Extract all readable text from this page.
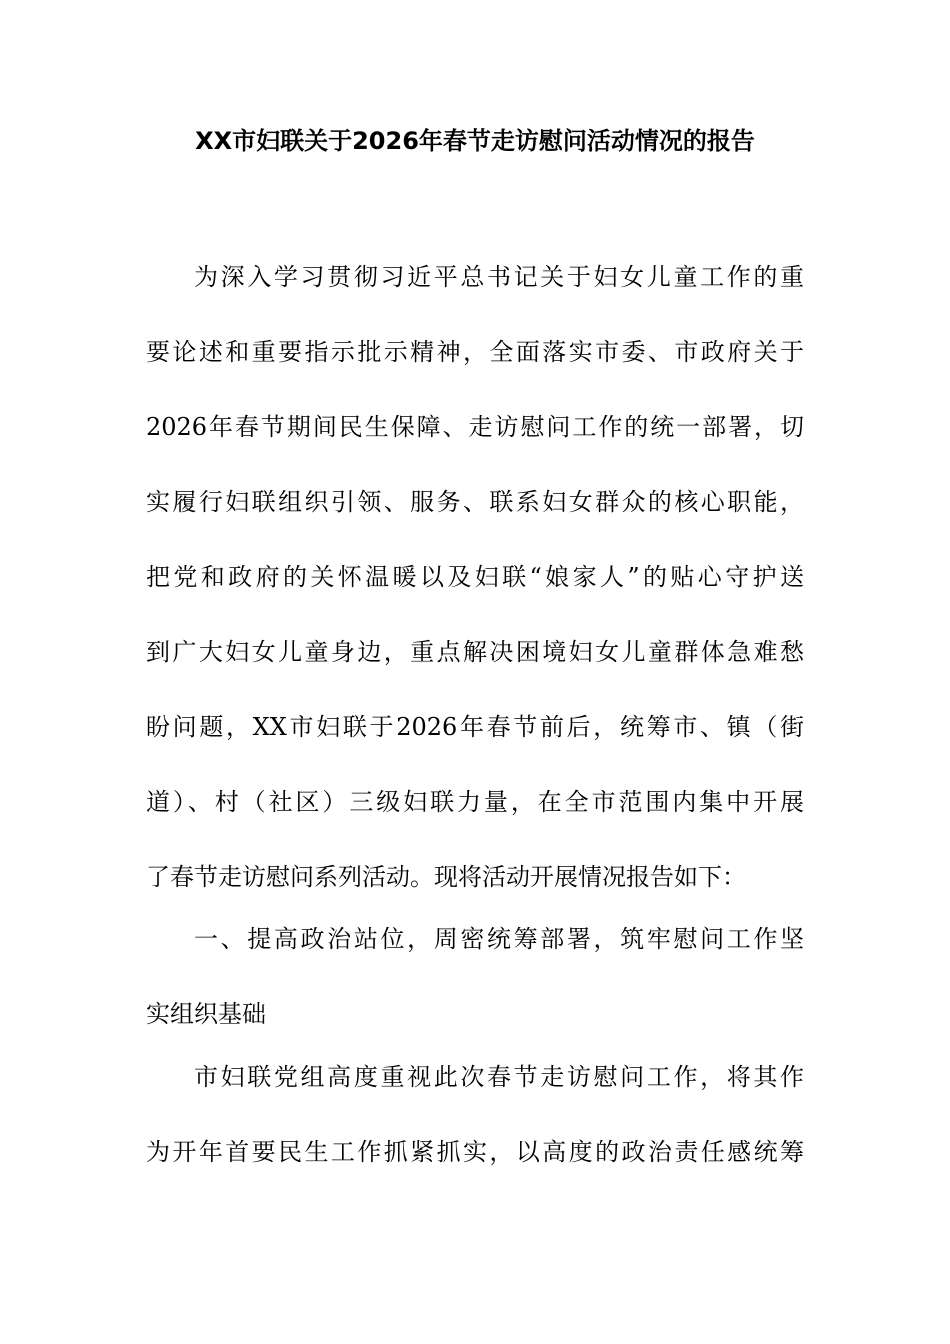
XX市妇联关于2026年春节走访慰问活动情况的报告

为深入学习贯彻习近平总书记关于妇女儿童工作的重

要论述和重要指示批示精神，全面落实市委、市政府关于

2026年春节期间民生保障、走访慰问工作的统一部署，切

实履行妇联组织引领、服务、联系妇女群众的核心职能，

把党和政府的关怀温暖以及妇联“娘家人”的贴心守护送

到广大妇女儿童身边，重点解决困境妇女儿童群体急难愁

盼问题，XX市妇联于2026年春节前后，统筹市、镇（街

道）、村（社区）三级妇联力量，在全市范围内集中开展

了春节走访慰问系列活动。现将活动开展情况报告如下：

一、提高政治站位，周密统筹部署，筑牢慰问工作坚

实组织基础

市妇联党组高度重视此次春节走访慰问工作，将其作

为开年首要民生工作抓紧抓实，以高度的政治责任感统筹
